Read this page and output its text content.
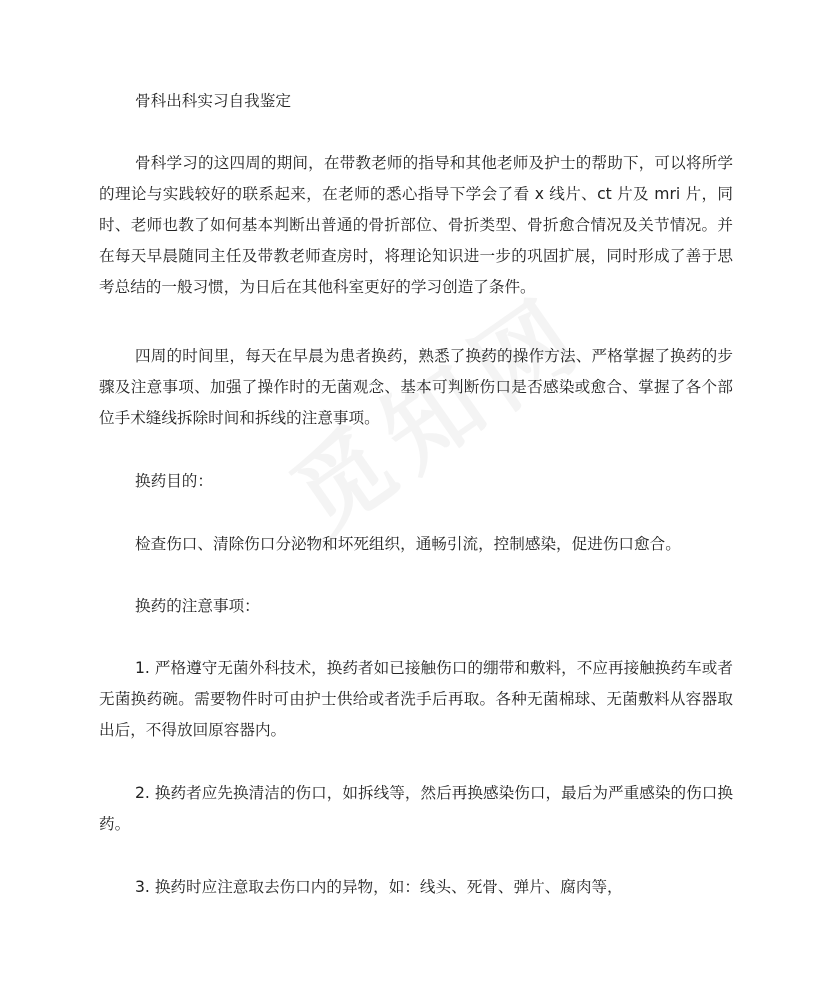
骨科出科实习自我鉴定

骨科学习的这四周的期间，在带教老师的指导和其他老师及护士的帮助下，可以将所学的理论与实践较好的联系起来，在老师的悉心指导下学会了看 x 线片、ct 片及 mri 片，同时、老师也教了如何基本判断出普通的骨折部位、骨折类型、骨折愈合情况及关节情况。并在每天早晨随同主任及带教老师查房时，将理论知识进一步的巩固扩展，同时形成了善于思考总结的一般习惯，为日后在其他科室更好的学习创造了条件。

四周的时间里，每天在早晨为患者换药，熟悉了换药的操作方法、严格掌握了换药的步骤及注意事项、加强了操作时的无菌观念、基本可判断伤口是否感染或愈合、掌握了各个部位手术缝线拆除时间和拆线的注意事项。

换药目的：

检查伤口、清除伤口分泌物和坏死组织，通畅引流，控制感染，促进伤口愈合。

换药的注意事项：

1. 严格遵守无菌外科技术，换药者如已接触伤口的绷带和敷料，不应再接触换药车或者无菌换药碗。需要物件时可由护士供给或者洗手后再取。各种无菌棉球、无菌敷料从容器取出后，不得放回原容器内。

2. 换药者应先换清洁的伤口，如拆线等，然后再换感染伤口，最后为严重感染的伤口换药。

3. 换药时应注意取去伤口内的异物，如：线头、死骨、弹片、腐肉等，
